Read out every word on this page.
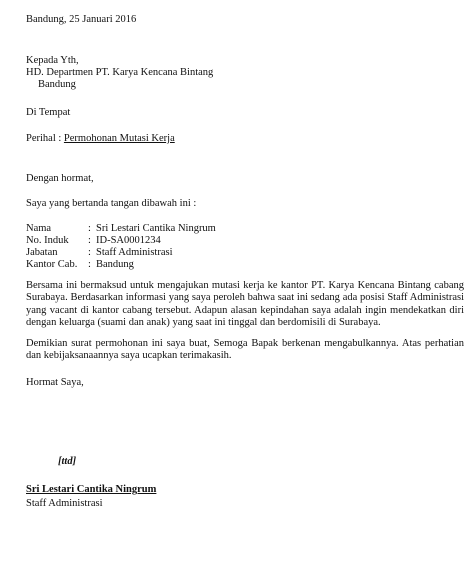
Bandung, 25 Januari 2016
Kepada Yth,
HD. Departmen PT. Karya Kencana Bintang
Bandung
Di Tempat
Perihal : Permohonan Mutasi Kerja
Dengan hormat,
Saya yang bertanda tangan dibawah ini :
Nama	: Sri Lestari Cantika Ningrum
No. Induk : ID-SA0001234
Jabatan	: Staff Administrasi
Kantor Cab. : Bandung
Bersama ini bermaksud untuk mengajukan mutasi kerja ke kantor PT. Karya Kencana Bintang cabang Surabaya. Berdasarkan informasi yang saya peroleh bahwa saat ini sedang ada posisi Staff Administrasi yang vacant di kantor cabang tersebut. Adapun alasan kepindahan saya adalah ingin mendekatkan diri dengan keluarga (suami dan anak) yang saat ini tinggal dan berdomisili di Surabaya.
Demikian surat permohonan ini saya buat, Semoga Bapak berkenan mengabulkannya. Atas perhatian dan kebijaksanaannya saya ucapkan terimakasih.
Hormat Saya,
[ttd]
Sri Lestari Cantika Ningrum
Staff Administrasi
